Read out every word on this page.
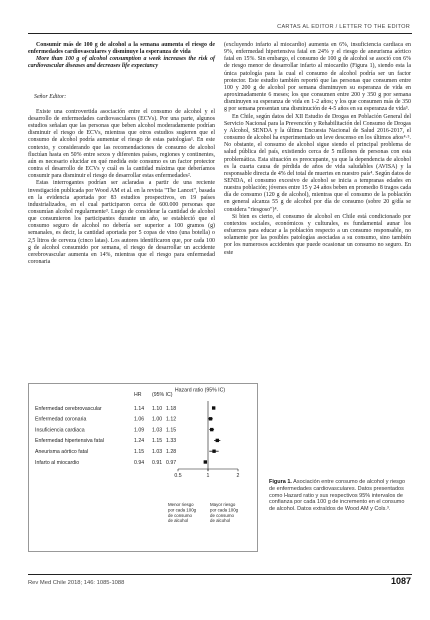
CARTAS AL EDITOR / LETTER TO THE EDITOR

Consumir más de 100 g de alcohol a la semana aumenta el riesgo de enfermedades cardiovasculares y disminuye la esperanza de vida

More than 100 g of alcohol consumption a week increases the risk of cardiovascular diseases and decreases life expectancy

Señor Editor:

Existe una controvertida asociación entre el consumo de alcohol y el desarrollo de enfermedades cardiovasculares (ECVs). Por una parte, algunos estudios señalan que las personas que beben alcohol moderadamente podrían disminuir el riesgo de ECVs, mientras que otros estudios sugieren que el consumo de alcohol podría aumentar el riesgo de estas patologías¹. En este contexto, y considerando que las recomendaciones de consumo de alcohol fluctúan hasta en 50% entre sexos y diferentes países, regiones y continentes, aún es necesario elucidar en qué medida este consumo es un factor protector contra el desarrollo de ECVs y cuál es la cantidad máxima que deberíamos consumir para disminuir el riesgo de desarrollar estas enfermedades².

Estas interrogantes podrían ser aclaradas a partir de una reciente investigación publicada por Wood AM et al. en la revista "The Lancet", basada en la evidencia aportada por 83 estudios prospectivos, en 19 países industrializados, en el cual participaron cerca de 600.000 personas que consumían alcohol regularmente³. Luego de considerar la cantidad de alcohol que consumieron los participantes durante un año, se estableció que el consumo seguro de alcohol no debería ser superior a 100 gramos (g) semanales, es decir, la cantidad aportada por 5 copas de vino (una botella) o 2,5 litros de cerveza (cinco latas). Los autores identificaron que, por cada 100 g de alcohol consumido por semana, el riesgo de desarrollar un accidente cerebrovascular aumenta en 14%, mientras que el riesgo para enfermedad coronaria

(excluyendo infarto al miocardio) aumenta en 6%, insuficiencia cardiaca en 9%, enfermedad hipertensiva fatal en 24% y el riesgo de aneurisma aórtico fatal en 15%. Sin embargo, el consumo de 100 g de alcohol se asoció con 6% de riesgo menor de desarrollar infarto al miocardio (Figura 1), siendo esta la única patología para la cual el consumo de alcohol podría ser un factor protector. Este estudio también reportó que las personas que consumen entre 100 y 200 g de alcohol por semana disminuyen su esperanza de vida en aproximadamente 6 meses; los que consumen entre 200 y 350 g por semana disminuyen su esperanza de vida en 1-2 años; y los que consumen más de 350 g por semana presentan una disminución de 4-5 años en su esperanza de vida³.

En Chile, según datos del XII Estudio de Drogas en Población General del Servicio Nacional para la Prevención y Rehabilitación del Consumo de Drogas y Alcohol, SENDA y la última Encuesta Nacional de Salud 2016-2017, el consumo de alcohol ha experimentado un leve descenso en los últimos años⁴·⁵. No obstante, el consumo de alcohol sigue siendo el principal problema de salud pública del país, existiendo cerca de 5 millones de personas con esta problemática. Esta situación es preocupante, ya que la dependencia de alcohol es la cuarta causa de pérdida de años de vida saludables (AVISA) y la responsable directa de 4% del total de muertes en nuestro país⁴. Según datos de SENDA, el consumo excesivo de alcohol se inicia a tempranas edades en nuestra población; jóvenes entre 15 y 24 años beben en promedio 8 tragos cada día de consumo (120 g de alcohol), mientras que el consumo de la población en general alcanza 55 g de alcohol por día de consumo (sobre 20 g/día se considera "riesgoso")⁴.

Si bien es cierto, el consumo de alcohol en Chile está condicionado por contextos sociales, económicos y culturales, es fundamental aunar los esfuerzos para educar a la población respecto a un consumo responsable, no solamente por las posibles patologías asociadas a su consumo, sino también por los numerosos accidentes que puede ocasionar un consumo no seguro. En este

HR (95% IC)
Hazard ratio (95% IC)
Enfermedad cerebrovascular	1.14 1.10 1.18
Enfermedad coronaria	1.06 1.00 1.12
Insuficiencia cardiaca	1.09 1.03 1.15
Enfermedad hipertensiva fatal	1.24 1.15 1.33
Aneurisma aórtico fatal	1.15 1.03 1.28
Infarto al miocardio	0.94 0.91 0.97
0.5	1	2
Mayor riesgo por cada 100g de consumo de alcohol
Menor riesgo por cada 100g de consumo de alcohol
Figura 1. Asociación entre consumo de alcohol y riesgo de enfermedades cardiovasculares. Datos presentados como Hazard ratio y sus respectivos 95% intervalos de confianza por cada 100 g de incremento en el consumo de alcohol. Datos extraídos de Wood AM y Cols.³.
Rev Med Chile 2018; 146: 1085-1088	1087
